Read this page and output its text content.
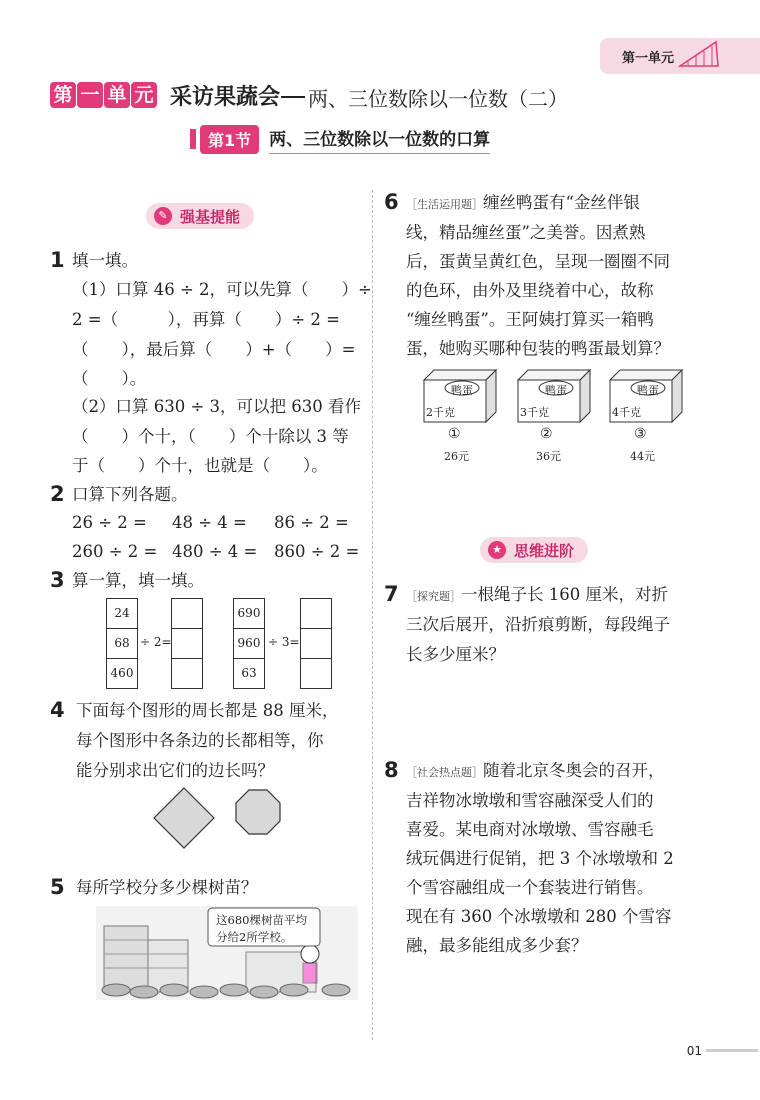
第一单元
第 一 单 元 采访果蔬会 两、三位数除以一位数（二）
第1节	两、三位数除以一位数的口算
✎ 强基提能
1 填一填。
（1）口算 46 ÷ 2，可以先算（　　）÷
2 =（　　　），再算（　　）÷ 2 =
（　　），最后算（　　）+（　　）=
（　　）。
（2）口算 630 ÷ 3，可以把 630 看作
（　　）个十，（　　）个十除以 3 等
于（　　）个十，也就是（　　）。
2 口算下列各题。
26 ÷ 2 = 48 ÷ 4 = 86 ÷ 2 =
260 ÷ 2 = 480 ÷ 4 = 860 ÷ 2 =
3 算一算，填一填。
24
68
460
÷ 2=
690
960
63
÷ 3=
4 下面每个图形的周长都是 88 厘米，
每个图形中各条边的长都相等，你
能分别求出它们的边长吗？
5 每所学校分多少棵树苗？
这680棵树苗平均
分给2所学校。
6 ［生活运用题］缠丝鸭蛋有“金丝伴银
线，精品缠丝蛋”之美誉。因煮熟
后，蛋黄呈黄红色，呈现一圈圈不同
的色环，由外及里绕着中心，故称
“缠丝鸭蛋”。王阿姨打算买一箱鸭
蛋，她购买哪种包装的鸭蛋最划算？
鸭蛋
2千克
①
26元
鸭蛋
3千克
②
36元
鸭蛋
4千克
③
44元
★ 思维进阶
7 ［探究题］一根绳子长 160 厘米，对折
三次后展开，沿折痕剪断，每段绳子
长多少厘米？
8 ［社会热点题］随着北京冬奥会的召开，
吉祥物冰墩墩和雪容融深受人们的
喜爱。某电商对冰墩墩、雪容融毛
绒玩偶进行促销，把 3 个冰墩墩和 2
个雪容融组成一个套装进行销售。
现在有 360 个冰墩墩和 280 个雪容
融，最多能组成多少套？
01
